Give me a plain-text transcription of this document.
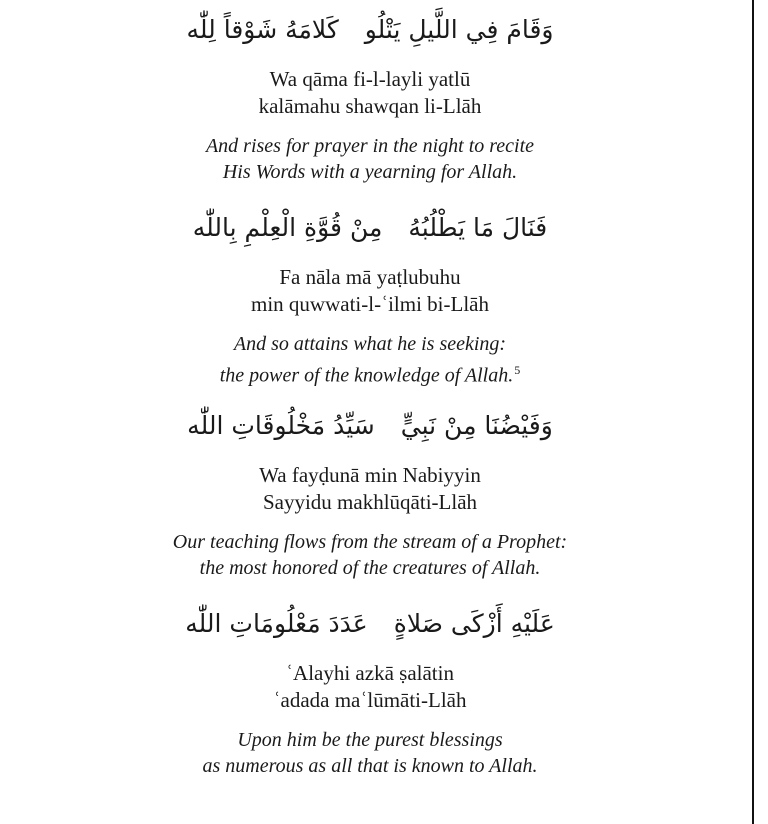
وَقَامَ فِي اللَّيلِ يَتْلُوكَلامَهُ شَوْقاً لِلّٰه
Wa qāma fi-l-layli yatlū
kalāmahu shawqan li-Llāh
And rises for prayer in the night to recite
His Words with a yearning for Allah.
فَنَالَ مَا يَطْلُبُهُمِنْ قُوَّةِ الْعِلْمِ بِاللّٰه
Fa nāla mā yaṭlubuhu
min quwwati-l-ʿilmi bi-Llāh
And so attains what he is seeking:
the power of the knowledge of Allah.$^5$
وَفَيْضُنَا مِنْ نَبِيٍّسَيِّدُ مَخْلُوقَاتِ اللّٰه
Wa fayḍunā min Nabiyyin
Sayyidu makhlūqāti-Llāh
Our teaching flows from the stream of a Prophet:
the most honored of the creatures of Allah.
عَلَيْهِ أَزْكَى صَلاةٍعَدَدَ مَعْلُومَاتِ اللّٰه
ʿAlayhi azkā ṣalātin
ʿadada maʿlūmāti-Llāh
Upon him be the purest blessings
as numerous as all that is known to Allah.
